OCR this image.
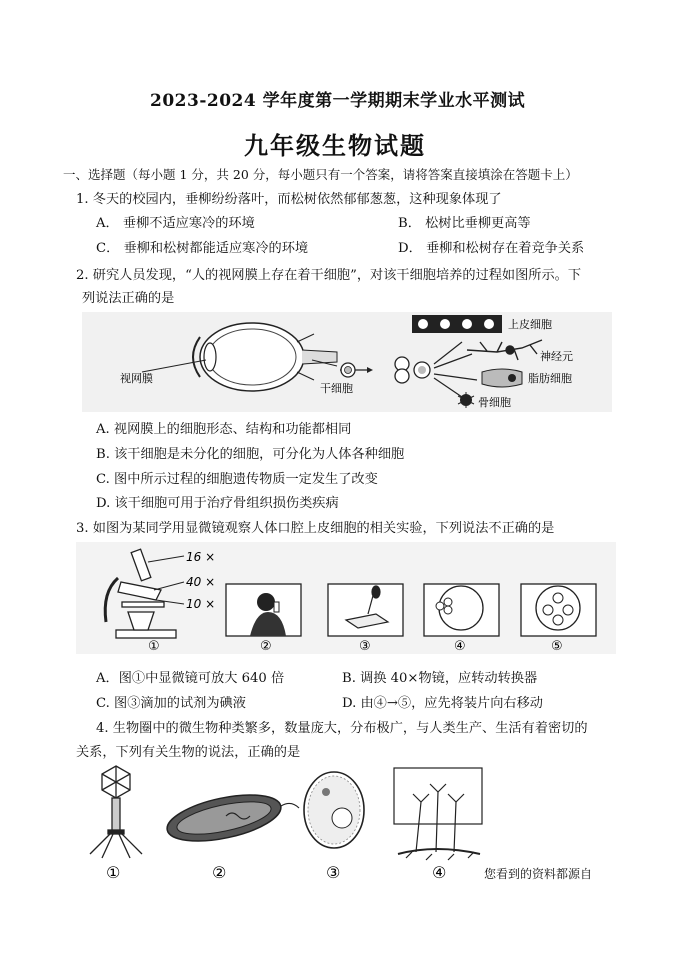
2023-2024 学年度第一学期期末学业水平测试
九年级生物试题
一、选择题（每小题 1 分，共 20 分，每小题只有一个答案，请将答案直接填涂在答题卡上）
1. 冬天的校园内，垂柳纷纷落叶，而松树依然郁郁葱葱，这种现象体现了
A． 垂柳不适应寒冷的环境	B． 松树比垂柳更高等
C． 垂柳和松树都能适应寒冷的环境	D． 垂柳和松树存在着竞争关系
2. 研究人员发现，“人的视网膜上存在着干细胞”，对该干细胞培养的过程如图所示。下
列说法正确的是
视网膜
干细胞
上皮细胞
神经元
脂肪细胞
骨细胞
A. 视网膜上的细胞形态、结构和功能都相同
B. 该干细胞是未分化的细胞，可分化为人体各种细胞
C. 图中所示过程的细胞遗传物质一定发生了改变
D. 该干细胞可用于治疗骨组织损伤类疾病
3. 如图为某同学用显微镜观察人体口腔上皮细胞的相关实验，下列说法不正确的是
16 ×
40 ×
10 ×
①	②	③	④	⑤
A．图①中显微镜可放大 640 倍	B. 调换 40×物镜，应转动转换器
C. 图③滴加的试剂为碘液	D. 由④→⑤，应先将装片向右移动
4. 生物圈中的微生物种类繁多，数量庞大，分布极广，与人类生产、生活有着密切的
关系，下列有关生物的说法，正确的是
①	②	③	④	您看到的资料都源自
